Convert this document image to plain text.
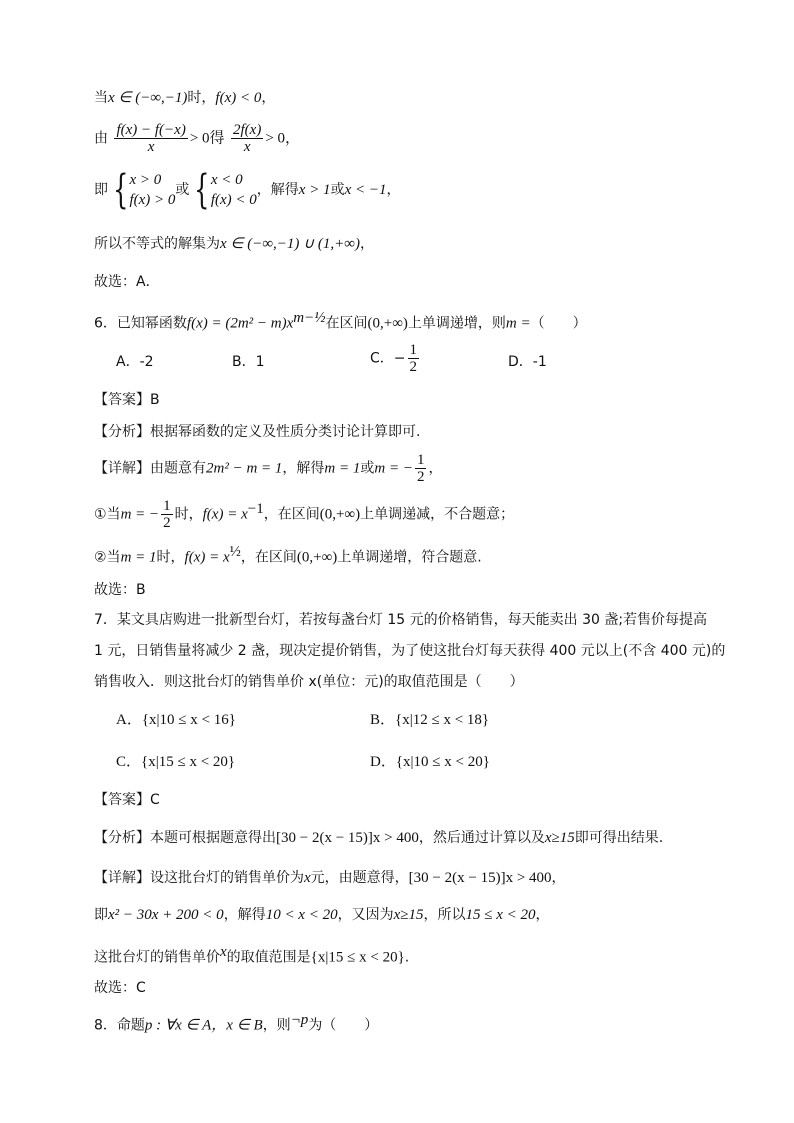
当x ∈ (−∞,−1)时，f(x) < 0，
由 $\frac{f(x) - f(-x)}{x} > 0$得 $\frac{2f(x)}{x} > 0$，
即 { x > 0
f(x) > 0
或 { x < 0
f(x) < 0
，解得x > 1或x < −1，
所以不等式的解集为x ∈ (−∞,−1) ∪ (1,+∞)，
故选：A．
6．已知幂函数$f(x) = (2m^2 - m)x^{m-\frac{1}{2}}$在区间(0,+∞)上单调递增，则m =（　　）
A．-2	B．1	C．− $\frac{1}{2}$	D．-1
【答案】B
【分析】根据幂函数的定义及性质分类讨论计算即可.
【详解】由题意有2m² − m = 1，解得m = 1或m = − $\frac{1}{2}$ ，
①当m = − $\frac{1}{2}$ 时，$f(x) = x^{-1}$，在区间(0,+∞)上单调递减，不合题意；
②当m = 1时，$f(x) = x^{\frac{1}{2}}$，在区间(0,+∞)上单调递增，符合题意.
故选：B
7．某文具店购进一批新型台灯，若按每盏台灯 15 元的价格销售，每天能卖出 30 盏;若售价每提高
1 元，日销售量将减少 2 盏，现决定提价销售，为了使这批台灯每天获得 400 元以上(不含 400 元)的
销售收入．则这批台灯的销售单价 x(单位：元)的取值范围是（　　）
A．{x|10 ≤ x < 16}	B．{x|12 ≤ x < 18}
C．{x|15 ≤ x < 20}	D．{x|10 ≤ x < 20}
【答案】C
【分析】本题可根据题意得出[30 − 2(x − 15)]x > 400，然后通过计算以及x≥15即可得出结果.
【详解】设这批台灯的销售单价为x元，由题意得，[30 − 2(x − 15)]x > 400，
即x² − 30x + 200 < 0，解得10 < x < 20，又因为x≥15，所以15 ≤ x < 20，
这批台灯的销售单价$^x$的取值范围是{x|15 ≤ x < 20}.
故选：C
8．命题p : ∀x ∈ A，x ∈ B，则$^{\neg p}$为（　　）
